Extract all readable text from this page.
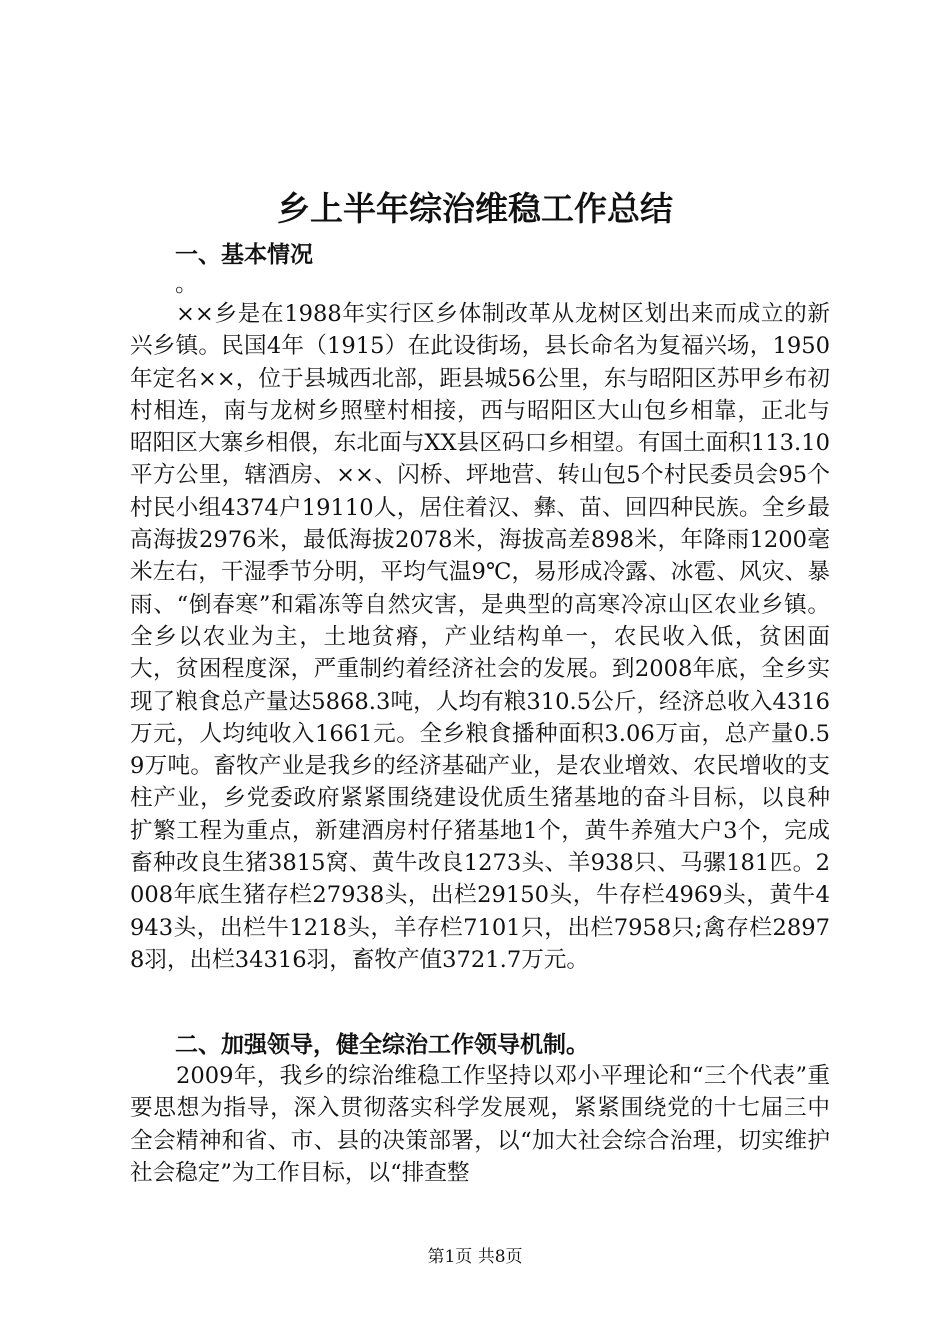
乡上半年综治维稳工作总结
一、基本情况
。

××乡是在1988年实行区乡体制改革从龙树区划出来而成立的新兴乡镇。民国4年（1915）在此设街场，县长命名为复福兴场，1950年定名××，位于县城西北部，距县城56公里，东与昭阳区苏甲乡布初村相连，南与龙树乡照壁村相接，西与昭阳区大山包乡相靠，正北与昭阳区大寨乡相偎，东北面与XX县区码口乡相望。有国土面积113.10平方公里，辖酒房、××、闪桥、坪地营、转山包5个村民委员会95个村民小组4374户19110人，居住着汉、彝、苗、回四种民族。全乡最高海拔2976米，最低海拔2078米，海拔高差898米，年降雨1200毫米左右，干湿季节分明，平均气温9℃，易形成冷露、冰雹、风灾、暴雨、“倒春寒”和霜冻等自然灾害，是典型的高寒冷凉山区农业乡镇。全乡以农业为主，土地贫瘠，产业结构单一，农民收入低，贫困面大，贫困程度深，严重制约着经济社会的发展。到2008年底，全乡实现了粮食总产量达5868.3吨，人均有粮310.5公斤，经济总收入4316万元，人均纯收入1661元。全乡粮食播种面积3.06万亩，总产量0.59万吨。畜牧产业是我乡的经济基础产业，是农业增效、农民增收的支柱产业，乡党委政府紧紧围绕建设优质生猪基地的奋斗目标，以良种扩繁工程为重点，新建酒房村仔猪基地1个，黄牛养殖大户3个，完成畜种改良生猪3815窝、黄牛改良1273头、羊938只、马骡181匹。2008年底生猪存栏27938头，出栏29150头，牛存栏4969头，黄牛4943头，出栏牛1218头，羊存栏7101只，出栏7958只;禽存栏28978羽，出栏34316羽，畜牧产值3721.7万元。

二、加强领导，健全综治工作领导机制。

2009年，我乡的综治维稳工作坚持以邓小平理论和“三个代表”重要思想为指导，深入贯彻落实科学发展观，紧紧围绕党的十七届三中全会精神和省、市、县的决策部署，以“加大社会综合治理，切实维护社会稳定”为工作目标，以“排查整

第1页 共8页
